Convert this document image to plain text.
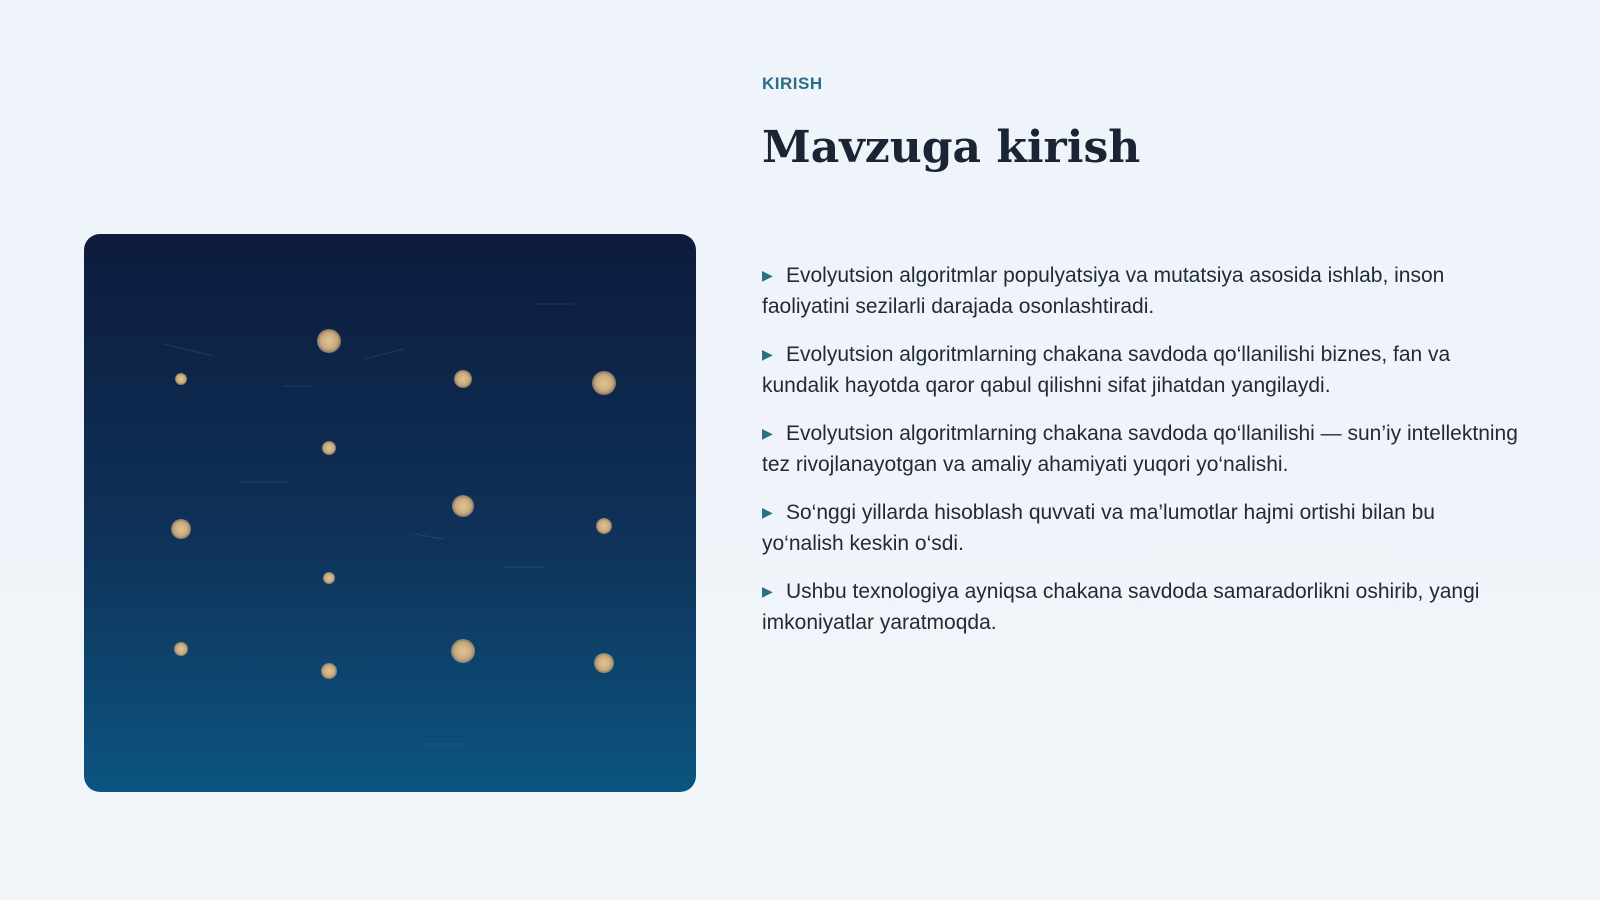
KIRISH
Mavzuga kirish
▶ Evolyutsion algoritmlar populyatsiya va mutatsiya asosida ishlab, inson faoliyatini sezilarli darajada osonlashtiradi.
▶ Evolyutsion algoritmlarning chakana savdoda qo‘llanilishi biznes, fan va kundalik hayotda qaror qabul qilishni sifat jihatdan yangilaydi.
▶ Evolyutsion algoritmlarning chakana savdoda qo‘llanilishi — sun’iy intellektning tez rivojlanayotgan va amaliy ahamiyati yuqori yo‘nalishi.
▶ So‘nggi yillarda hisoblash quvvati va ma’lumotlar hajmi ortishi bilan bu yo‘nalish keskin o‘sdi.
▶ Ushbu texnologiya ayniqsa chakana savdoda samaradorlikni oshirib, yangi imkoniyatlar yaratmoqda.
